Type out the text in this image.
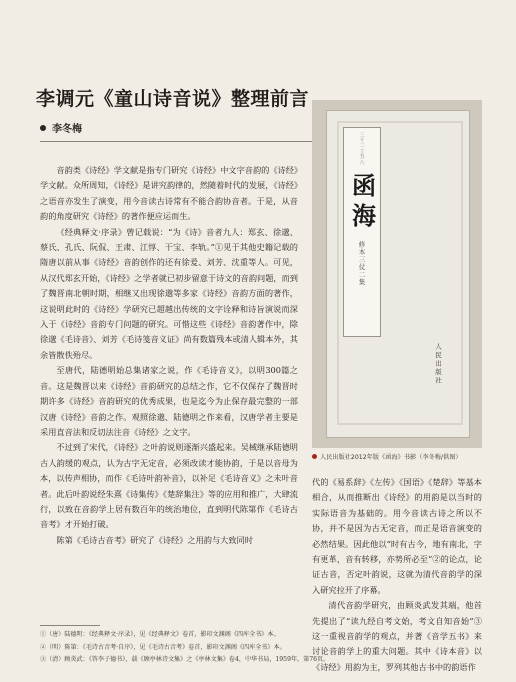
李调元《童山诗音说》整理前言
李冬梅

音韵类《诗经》学文献是指专门研究《诗经》中文字音韵的《诗经》学文献。众所周知，《诗经》是讲究韵律的，然随着时代的发展，《诗经》之语音亦发生了演变，用今音读古诗常有不能合韵协音者。于是，从音韵的角度研究《诗经》的著作便应运而生。

《经典释文·序录》曾记载说：“为《诗》音者九人：郑玄、徐邈、蔡氏、孔氏、阮侃、王肃、江惇、干宝、李轨。”①见于其他史籍记载的隋唐以前从事《诗经》音韵创作的还有徐爰、刘芳、沈重等人。可见，从汉代郑玄开始，《诗经》之学者就已初步留意于诗文的音韵问题，而到了魏晋南北朝时期，相继又出现徐邈等多家《诗经》音韵方面的著作，这说明此时的《诗经》学研究已超越出传统的文字诠释和诗旨演说而深入于《诗经》音韵专门问题的研究。可惜这些《诗经》音韵著作中，除徐邈《毛诗音》、刘芳《毛诗笺音义证》尚有数篇残本或清人辑本外，其余皆散佚殆尽。

至唐代，陆德明始总集诸家之说，作《毛诗音义》，以明300篇之音。这是魏晋以来《诗经》音韵研究的总结之作，它不仅保存了魏晋时期许多《诗经》音韵研究的优秀成果，也是迄今为止保存最完整的一部汉唐《诗经》音韵之作。观照徐邈、陆德明之作来看，汉唐学者主要是采用直音法和反切法注音《诗经》之文字。

不过到了宋代，《诗经》之叶韵说则逐渐兴盛起来。吴棫继承陆德明古人韵缓的观点，认为古字无定音，必须改读才能协韵，于是以音母为本，以传声相协，而作《毛诗叶韵补音》，以补足《毛诗音义》之未叶音者。此后叶韵说经朱熹《诗集传》《楚辞集注》等的应用和推广，大肆流行，以致在音韵学上居有数百年的统治地位，直到明代陈第作《毛诗古音考》才开始打破。

陈第《毛诗古音考》研究了《诗经》之用韵与大致同时

三十二 丁丑 六
函海
修本三仗二集
人民出版社
人民出版社2012年版《函海》书影（李冬梅/供图）

代的《易系辞》《左传》《国语》《楚辞》等基本相合，从而推断出《诗经》的用韵是以当时的实际语音为基础的。用今音读古诗之所以不协，并不是因为古无定音，而正是语音演变的必然结果。因此他以“时有古今，地有南北，字有更革，音有转移，亦势所必至”②的论点，论证古音，否定叶韵说，这就为清代音韵学的深入研究拉开了序幕。

清代音韵学研究，由顾炎武发其端，他首先提出了“读九经自考文始，考文自知音始”③这一重视音韵学的观点，并著《音学五书》来讨论音韵学上的重大问题。其中《诗本音》以《诗经》用韵为主，罗列其他古书中的韵语作

①（唐）陆德明：《经典释文·序录》，见《经典释文》卷首，影印文渊阁《四库全书》本。
②（明）陈第：《毛诗古音考·自序》，见《毛诗古音考》卷首，影印文渊阁《四库全书》本。
③（清）顾炎武：《答李子德书》，载《顾亭林诗文集》之《亭林文集》卷4，中华书局，1959年，第76页。
